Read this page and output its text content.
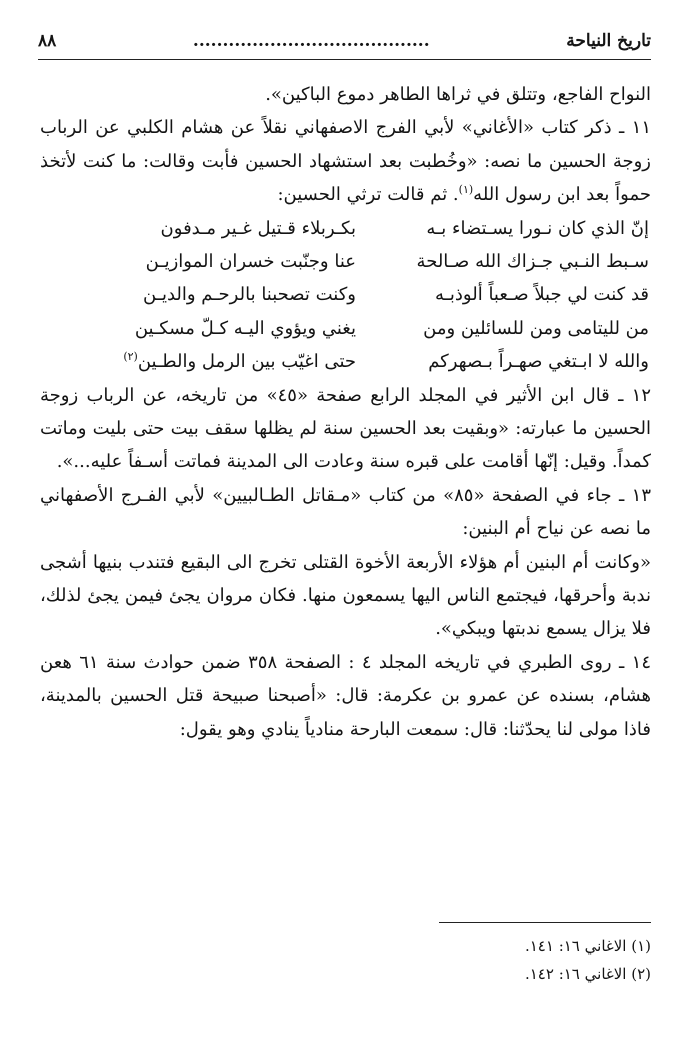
تاريخ النياحة
........................................
٨٨

النواح الفاجع، وتتلق في ثراها الطاهر دموع الباكين».

١١ ـ ذكر كتاب «الأغاني» لأبي الفرج الاصفهاني نقلاً عن هشام الكلبي عن الرباب زوجة الحسين ما نصه: «وخُطبت بعد استشهاد الحسين فأبت وقالت: ما كنت لأتخذ حمواً بعد ابن رسول الله$^{(١)}$. ثم قالت ترثي الحسين:

إنّ الذي كان نـورا يسـتضاء بـه
بكـربلاء قـتيل غـير مـدفون
سـبط النـبي جـزاك الله صـالحة
عنا وجنّبت خسران الموازيـن
قد كنت لي جبلاً صـعباً ألوذبـه
وكنت تصحبنا بالرحـم والديـن
من لليتامى ومن للسائلين ومن
يغني ويؤوي اليـه كـلّ مسكـين
والله لا ابـتغي صهـراً بـصهركم
حتى اغيّب بين الرمل والطـين$^{(٢)}$

١٢ ـ قال ابن الأثير في المجلد الرابع صفحة «٤٥» من تاريخه، عن الرباب زوجة الحسين ما عبارته: «وبقيت بعد الحسين سنة لم يظلها سقف بيت حتى بليت وماتت كمداً. وقيل: إنّها أقامت على قبره سنة وعادت الى المدينة فماتت أسـفاً عليه...».

١٣ ـ جاء في الصفحة «٨٥» من كتاب «مـقاتل الطـالبيين» لأبي الفـرج الأصفهاني ما نصه عن نياح أم البنين:

«وكانت أم البنين أم هؤلاء الأربعة الأخوة القتلى تخرج الى البقيع فتندب بنيها أشجى ندبة وأحرقها، فيجتمع الناس اليها يسمعون منها. فكان مروان يجئ فيمن يجئ لذلك، فلا يزال يسمع ندبتها ويبكي».

١٤ ـ روى الطبري في تاريخه المجلد ٤ : الصفحة ٣٥٨ ضمن حوادث سنة ٦١ هعن هشام، بسنده عن عمرو بن عكرمة: قال: «أصبحنا صبيحة قتل الحسين بالمدينة، فاذا مولى لنا يحدّثنا: قال: سمعت البارحة منادياً ينادي وهو يقول:

(١) الاغاني ١٦: ١٤١.

(٢) الاغاني ١٦: ١٤٢.
